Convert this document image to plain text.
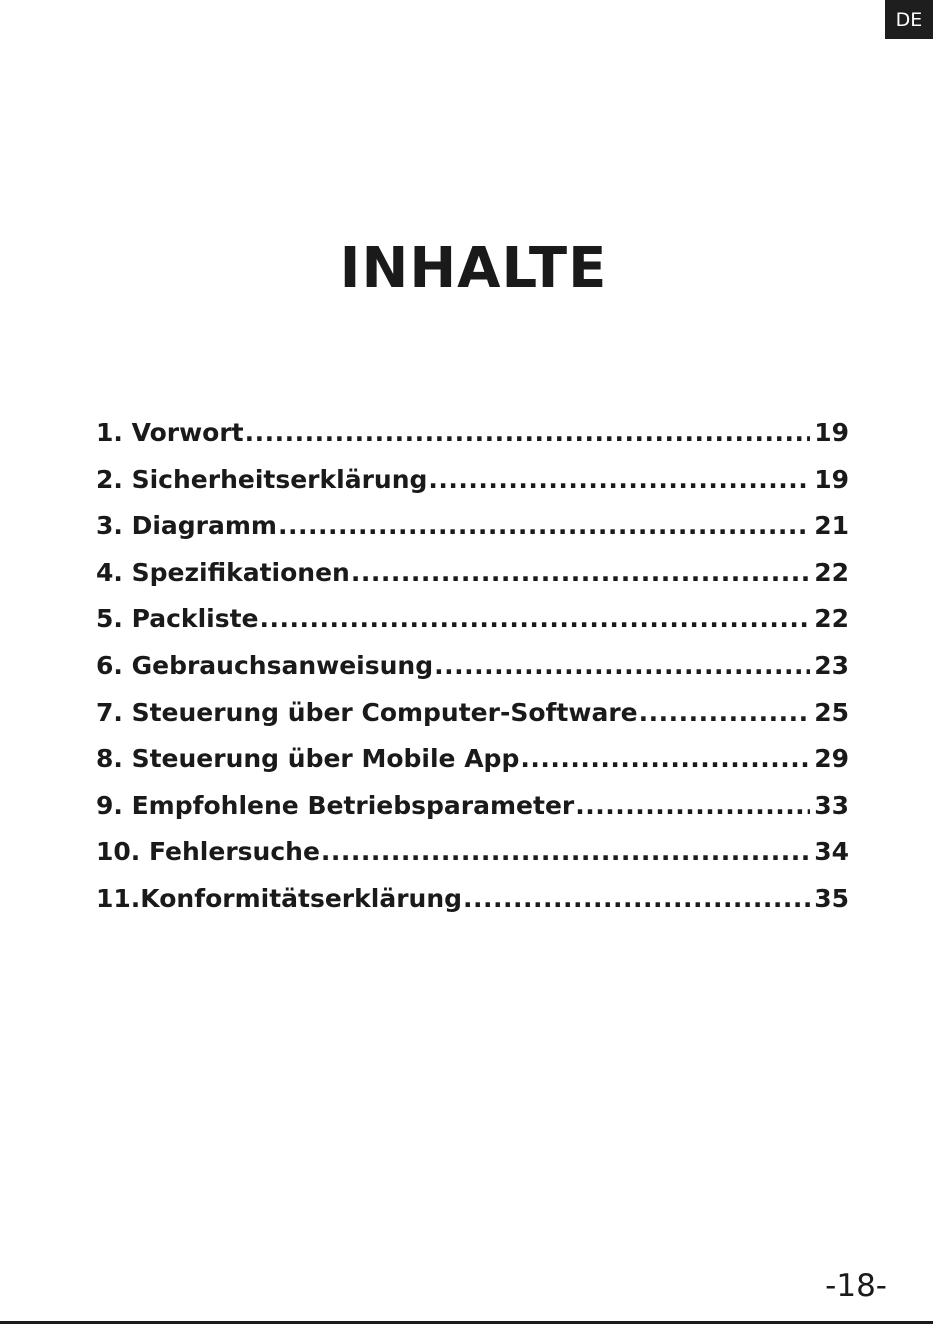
DE
INHALTE
1. Vorwort .....	19
2. Sicherheitserklärung .....	19
3. Diagramm .....	21
4. Spezifikationen .....	22
5. Packliste .....	22
6. Gebrauchsanweisung .....	23
7. Steuerung über Computer-Software .....	25
8. Steuerung über Mobile App .....	29
9. Empfohlene Betriebsparameter .....	33
10. Fehlersuche .....	34
11.Konformitätserklärung .....	35
-18-
